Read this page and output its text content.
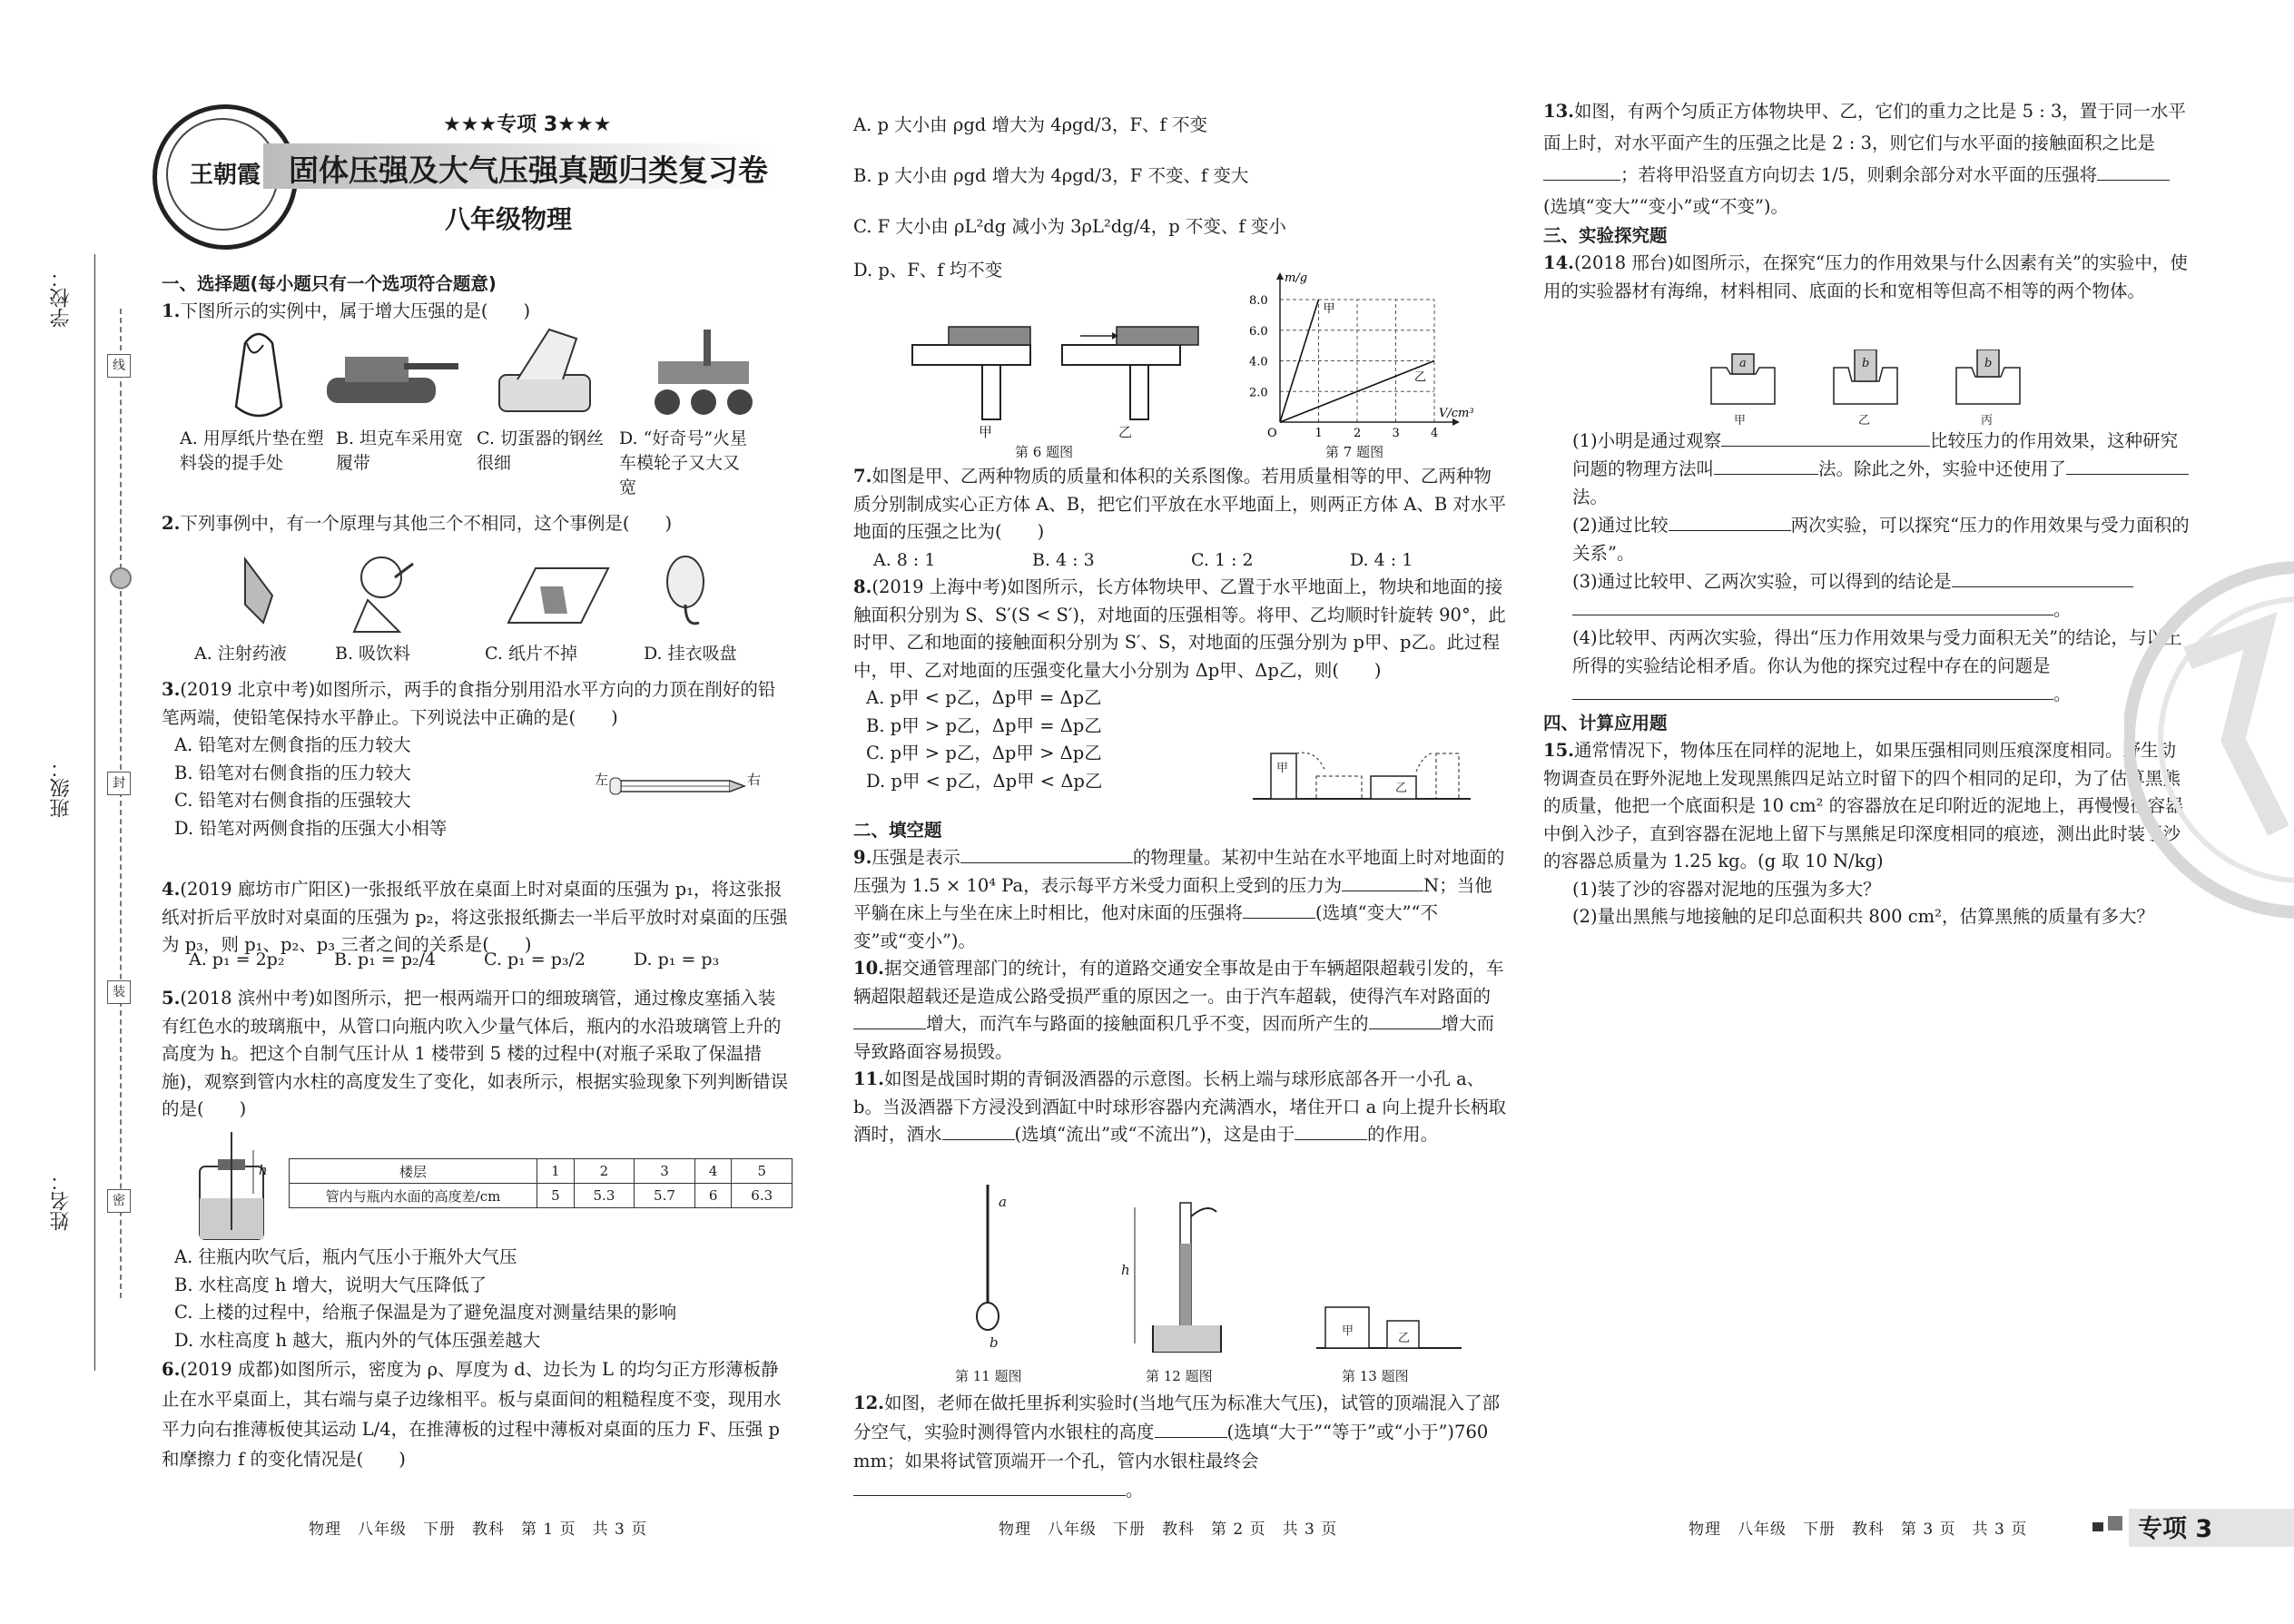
学校：
班级：
姓名：
线
封
装
密
王朝霞
★★★专项 3★★★
固体压强及大气压强真题归类复习卷
八年级物理
一、选择题(每小题只有一个选项符合题意)

1.下图所示的实例中，属于增大压强的是(　　)

A. 用厚纸片垫在塑料袋的提手处
B. 坦克车采用宽履带
C. 切蛋器的钢丝很细
D. “好奇号”火星车模轮子又大又宽

2.下列事例中，有一个原理与其他三个不相同，这个事例是(　　)

A. 注射药液	B. 吸饮料	C. 纸片不掉	D. 挂衣吸盘

3.(2019 北京中考)如图所示，两手的食指分别用沿水平方向的力顶在削好的铅笔两端，使铅笔保持水平静止。下列说法中正确的是(　　)

A. 铅笔对左侧食指的压力较大

B. 铅笔对右侧食指的压力较大

C. 铅笔对右侧食指的压强较大

D. 铅笔对两侧食指的压强大小相等

左	右

4.(2019 廊坊市广阳区)一张报纸平放在桌面上时对桌面的压强为 p₁，将这张报纸对折后平放时对桌面的压强为 p₂，将这张报纸撕去一半后平放时对桌面的压强为 p₃，则 p₁、p₂、p₃ 三者之间的关系是(　　)

A. p₁ = 2p₂	B. p₁ = p₂/4	C. p₁ = p₃/2	D. p₁ = p₃

5.(2018 滨州中考)如图所示，把一根两端开口的细玻璃管，通过橡皮塞插入装有红色水的玻璃瓶中，从管口向瓶内吹入少量气体后，瓶内的水沿玻璃管上升的高度为 h。把这个自制气压计从 1 楼带到 5 楼的过程中(对瓶子采取了保温措施)，观察到管内水柱的高度发生了变化，如表所示，根据实验现象下列判断错误的是(　　)

h	楼层	1	2	3	4	5
管内与瓶内水面的高度差/cm	5	5.3	5.7	6	6.3

A. 往瓶内吹气后，瓶内气压小于瓶外大气压

B. 水柱高度 h 增大，说明大气压降低了

C. 上楼的过程中，给瓶子保温是为了避免温度对测量结果的影响

D. 水柱高度 h 越大，瓶内外的气体压强差越大

6.(2019 成都)如图所示，密度为 ρ、厚度为 d、边长为 L 的均匀正方形薄板静止在水平桌面上，其右端与桌子边缘相平。板与桌面间的粗糙程度不变，现用水平力向右推薄板使其运动 L/4，在推薄板的过程中薄板对桌面的压力 F、压强 p 和摩擦力 f 的变化情况是(　　)

物理　八年级　下册　教科　第 1 页　共 3 页

A. p 大小由 ρgd 增大为 4ρgd/3，F、f 不变

B. p 大小由 ρgd 增大为 4ρgd/3，F 不变、f 变大

C. F 大小由 ρL²dg 减小为 3ρL²dg/4，p 不变、f 变小

D. p、F、f 均不变

甲	乙
第 6 题图
1	2	3	4
2.0
4.0
6.0
8.0
O
V/cm³
m/g
甲
乙
第 7 题图

7.如图是甲、乙两种物质的质量和体积的关系图像。若用质量相等的甲、乙两种物质分别制成实心正方体 A、B，把它们平放在水平地面上，则两正方体 A、B 对水平地面的压强之比为(　　)

A. 8 : 1	B. 4 : 3	C. 1 : 2	D. 4 : 1

8.(2019 上海中考)如图所示，长方体物块甲、乙置于水平地面上，物块和地面的接触面积分别为 S、S′(S < S′)，对地面的压强相等。将甲、乙均顺时针旋转 90°，此时甲、乙和地面的接触面积分别为 S′、S，对地面的压强分别为 p甲、p乙。此过程中，甲、乙对地面的压强变化量大小分别为 Δp甲、Δp乙，则(　　)

A. p甲 < p乙，Δp甲 = Δp乙

B. p甲 > p乙，Δp甲 = Δp乙

C. p甲 > p乙，Δp甲 > Δp乙

D. p甲 < p乙，Δp甲 < Δp乙

甲
乙
二、填空题

9.压强是表示	的物理量。某初中生站在水平地面上时对地面的压强为 1.5 × 10⁴ Pa，表示每平方米受力面积上受到的压力为	N；当他平躺在床上与坐在床上时相比，他对床面的压强将	(选填“变大”“不变”或“变小”)。

10.据交通管理部门的统计，有的道路交通安全事故是由于车辆超限超载引发的，车辆超限超载还是造成公路受损严重的原因之一。由于汽车超载，使得汽车对路面的增大，而汽车与路面的接触面积几乎不变，因而所产生的	增大而导致路面容易损毁。

11.如图是战国时期的青铜汲酒器的示意图。长柄上端与球形底部各开一小孔 a、b。当汲酒器下方浸没到酒缸中时球形容器内充满酒水，堵住开口 a 向上提升长柄取酒时，酒水	(选填“流出”或“不流出”)，这是由于	的作用。

a
b
第 11 题图
h
第 12 题图
甲
乙
第 13 题图

12.如图，老师在做托里拆利实验时(当地气压为标准大气压)，试管的顶端混入了部分空气，实验时测得管内水银柱的高度	(选填“大于”“等于”或“小于”)760 mm；如果将试管顶端开一个孔，管内水银柱最终会。

物理　八年级　下册　教科　第 2 页　共 3 页

13.如图，有两个匀质正方体物块甲、乙，它们的重力之比是 5 : 3，置于同一水平面上时，对水平面产生的压强之比是 2 : 3，则它们与水平面的接触面积之比是；若将甲沿竖直方向切去 1/5，则剩余部分对水平面的压强将(选填“变大”“变小”或“不变”)。

三、实验探究题

14.(2018 邢台)如图所示，在探究“压力的作用效果与什么因素有关”的实验中，使用的实验器材有海绵，材料相同、底面的长和宽相等但高不相等的两个物体。

a	b	b
甲	乙	丙

(1)小明是通过观察	比较压力的作用效果，这种研究问题的物理方法叫	法。除此之外，实验中还使用了法。

(2)通过比较	两次实验，可以探究“压力的作用效果与受力面积的关系”。

(3)通过比较甲、乙两次实验，可以得到的结论是
。

(4)比较甲、丙两次实验，得出“压力作用效果与受力面积无关”的结论，与以上所得的实验结论相矛盾。你认为他的探究过程中存在的问题是。

四、计算应用题

15.通常情况下，物体压在同样的泥地上，如果压强相同则压痕深度相同。野生动物调查员在野外泥地上发现黑熊四足站立时留下的四个相同的足印，为了估算黑熊的质量，他把一个底面积是 10 cm² 的容器放在足印附近的泥地上，再慢慢往容器中倒入沙子，直到容器在泥地上留下与黑熊足印深度相同的痕迹，测出此时装了沙的容器总质量为 1.25 kg。(g 取 10 N/kg)

(1)装了沙的容器对泥地的压强为多大？

(2)量出黑熊与地接触的足印总面积共 800 cm²，估算黑熊的质量有多大？

物理　八年级　下册　教科　第 3 页　共 3 页	专项 3
